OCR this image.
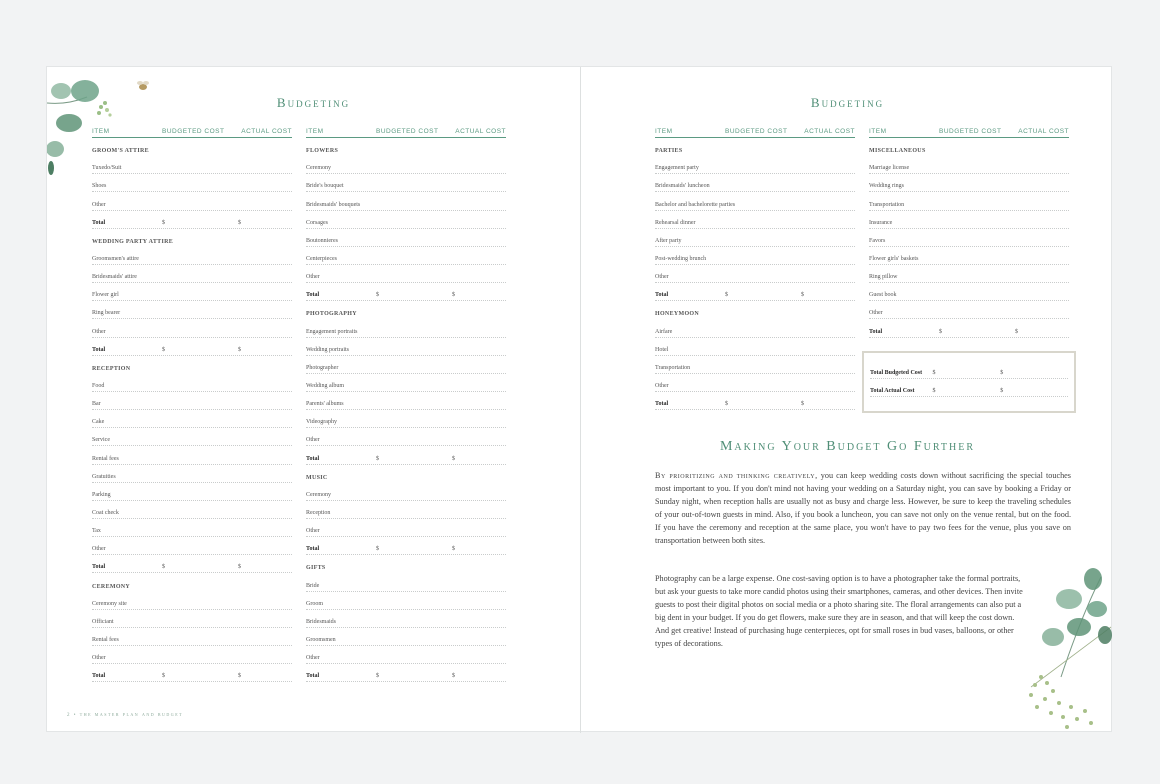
Budgeting
ITEM	BUDGETED COST	ACTUAL COST
GROOM'S ATTIRE
Tuxedo/Suit
Shoes
Other
Total	$	$
WEDDING PARTY ATTIRE
Groomsmen's attire
Bridesmaids' attire
Flower girl
Ring bearer
Other
Total	$	$
RECEPTION
Food
Bar
Cake
Service
Rental fees
Gratuities
Parking
Coat check
Tax
Other
Total	$	$
CEREMONY
Ceremony site
Officiant
Rental fees
Other
Total	$	$
ITEM	BUDGETED COST	ACTUAL COST
FLOWERS
Ceremony
Bride's bouquet
Bridesmaids' bouquets
Corsages
Boutonnieres
Centerpieces
Other
Total	$	$
PHOTOGRAPHY
Engagement portraits
Wedding portraits
Photographer
Wedding album
Parents' albums
Videography
Other
Total	$	$
MUSIC
Ceremony
Reception
Other
Total	$	$
GIFTS
Bride
Groom
Bridesmaids
Groomsmen
Other
Total	$	$
2 • the master plan and budget
Budgeting
ITEM	BUDGETED COST	ACTUAL COST
PARTIES
Engagement party
Bridesmaids' luncheon
Bachelor and bachelorette parties
Rehearsal dinner
After party
Post-wedding brunch
Other
Total	$	$
HONEYMOON
Airfare
Hotel
Transportation
Other
Total	$	$
ITEM	BUDGETED COST	ACTUAL COST
MISCELLANEOUS
Marriage license
Wedding rings
Transportation
Insurance
Favors
Flower girls' baskets
Ring pillow
Guest book
Other
Total	$	$
Total Budgeted Cost	$	$
Total Actual Cost	$	$
Making Your Budget Go Further
By prioritizing and thinking creatively, you can keep wedding costs down without sacrificing the special touches most important to you. If you don't mind not having your wedding on a Saturday night, you can save by booking a Friday or Sunday night, when reception halls are usually not as busy and charge less. However, be sure to keep the traveling schedules of your out-of-town guests in mind. Also, if you book a luncheon, you can save not only on the venue rental, but on the food. If you have the ceremony and reception at the same place, you won't have to pay two fees for the venue, plus you save on transportation between both sites.
Photography can be a large expense. One cost-saving option is to have a photographer take the formal portraits, but ask your guests to take more candid photos using their smartphones, cameras, and other devices. Then invite guests to post their digital photos on social media or a photo sharing site. The floral arrangements can also put a big dent in your budget. If you do get flowers, make sure they are in season, and that will keep the cost down. And get creative! Instead of purchasing huge centerpieces, opt for small roses in bud vases, balloons, or other types of decorations.
